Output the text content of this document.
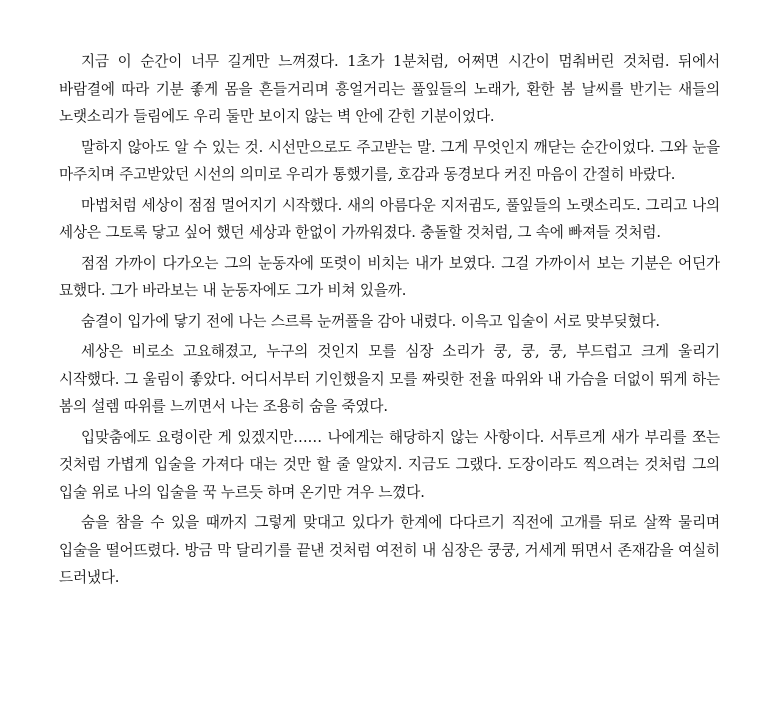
지금 이 순간이 너무 길게만 느껴졌다. 1초가 1분처럼, 어쩌면 시간이 멈춰버린 것처럼. 뒤에서 바람결에 따라 기분 좋게 몸을 흔들거리며 흥얼거리는 풀잎들의 노래가, 환한 봄 날씨를 반기는 새들의 노랫소리가 들림에도 우리 둘만 보이지 않는 벽 안에 갇힌 기분이었다.

말하지 않아도 알 수 있는 것. 시선만으로도 주고받는 말. 그게 무엇인지 깨닫는 순간이었다. 그와 눈을 마주치며 주고받았던 시선의 의미로 우리가 통했기를, 호감과 동경보다 커진 마음이 간절히 바랐다.

마법처럼 세상이 점점 멀어지기 시작했다. 새의 아름다운 지저귐도, 풀잎들의 노랫소리도. 그리고 나의 세상은 그토록 닿고 싶어 했던 세상과 한없이 가까워졌다. 충돌할 것처럼, 그 속에 빠져들 것처럼.

점점 가까이 다가오는 그의 눈동자에 또렷이 비치는 내가 보였다. 그걸 가까이서 보는 기분은 어딘가 묘했다. 그가 바라보는 내 눈동자에도 그가 비쳐 있을까.

숨결이 입가에 닿기 전에 나는 스르륵 눈꺼풀을 감아 내렸다. 이윽고 입술이 서로 맞부딪혔다.

세상은 비로소 고요해졌고, 누구의 것인지 모를 심장 소리가 쿵, 쿵, 쿵, 부드럽고 크게 울리기 시작했다. 그 울림이 좋았다. 어디서부터 기인했을지 모를 짜릿한 전율 따위와 내 가슴을 더없이 뛰게 하는 봄의 설렘 따위를 느끼면서 나는 조용히 숨을 죽였다.

입맞춤에도 요령이란 게 있겠지만…… 나에게는 해당하지 않는 사항이다. 서투르게 새가 부리를 쪼는 것처럼 가볍게 입술을 가져다 대는 것만 할 줄 알았지. 지금도 그랬다. 도장이라도 찍으려는 것처럼 그의 입술 위로 나의 입술을 꾹 누르듯 하며 온기만 겨우 느꼈다.

숨을 참을 수 있을 때까지 그렇게 맞대고 있다가 한계에 다다르기 직전에 고개를 뒤로 살짝 물리며 입술을 떨어뜨렸다. 방금 막 달리기를 끝낸 것처럼 여전히 내 심장은 쿵쿵, 거세게 뛰면서 존재감을 여실히 드러냈다.
